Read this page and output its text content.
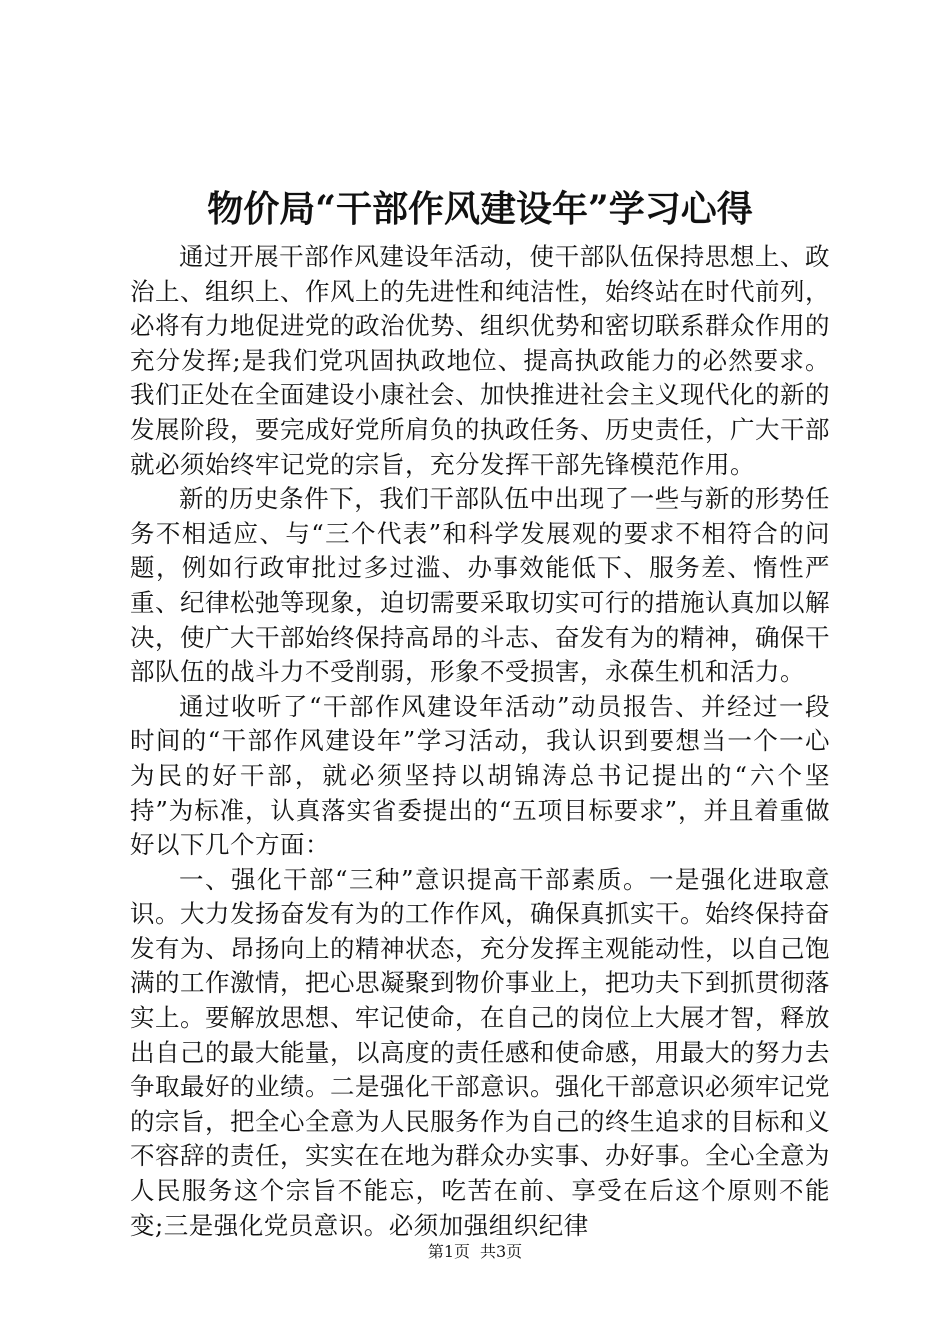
物价局“干部作风建设年”学习心得

通过开展干部作风建设年活动，使干部队伍保持思想上、政治上、组织上、作风上的先进性和纯洁性，始终站在时代前列，必将有力地促进党的政治优势、组织优势和密切联系群众作用的充分发挥;是我们党巩固执政地位、提高执政能力的必然要求。我们正处在全面建设小康社会、加快推进社会主义现代化的新的发展阶段，要完成好党所肩负的执政任务、历史责任，广大干部就必须始终牢记党的宗旨，充分发挥干部先锋模范作用。

新的历史条件下，我们干部队伍中出现了一些与新的形势任务不相适应、与“三个代表”和科学发展观的要求不相符合的问题，例如行政审批过多过滥、办事效能低下、服务差、惰性严重、纪律松弛等现象，迫切需要采取切实可行的措施认真加以解决，使广大干部始终保持高昂的斗志、奋发有为的精神，确保干部队伍的战斗力不受削弱，形象不受损害，永葆生机和活力。

通过收听了“干部作风建设年活动”动员报告、并经过一段时间的“干部作风建设年”学习活动，我认识到要想当一个一心为民的好干部，就必须坚持以胡锦涛总书记提出的“六个坚持”为标准，认真落实省委提出的“五项目标要求”，并且着重做好以下几个方面：

一、强化干部“三种”意识提高干部素质。一是强化进取意识。大力发扬奋发有为的工作作风，确保真抓实干。始终保持奋发有为、昂扬向上的精神状态，充分发挥主观能动性，以自己饱满的工作激情，把心思凝聚到物价事业上，把功夫下到抓贯彻落实上。要解放思想、牢记使命，在自己的岗位上大展才智，释放出自己的最大能量，以高度的责任感和使命感，用最大的努力去争取最好的业绩。二是强化干部意识。强化干部意识必须牢记党的宗旨，把全心全意为人民服务作为自己的终生追求的目标和义不容辞的责任，实实在在地为群众办实事、办好事。全心全意为人民服务这个宗旨不能忘，吃苦在前、享受在后这个原则不能变;三是强化党员意识。必须加强组织纪律

第1页 共3页
